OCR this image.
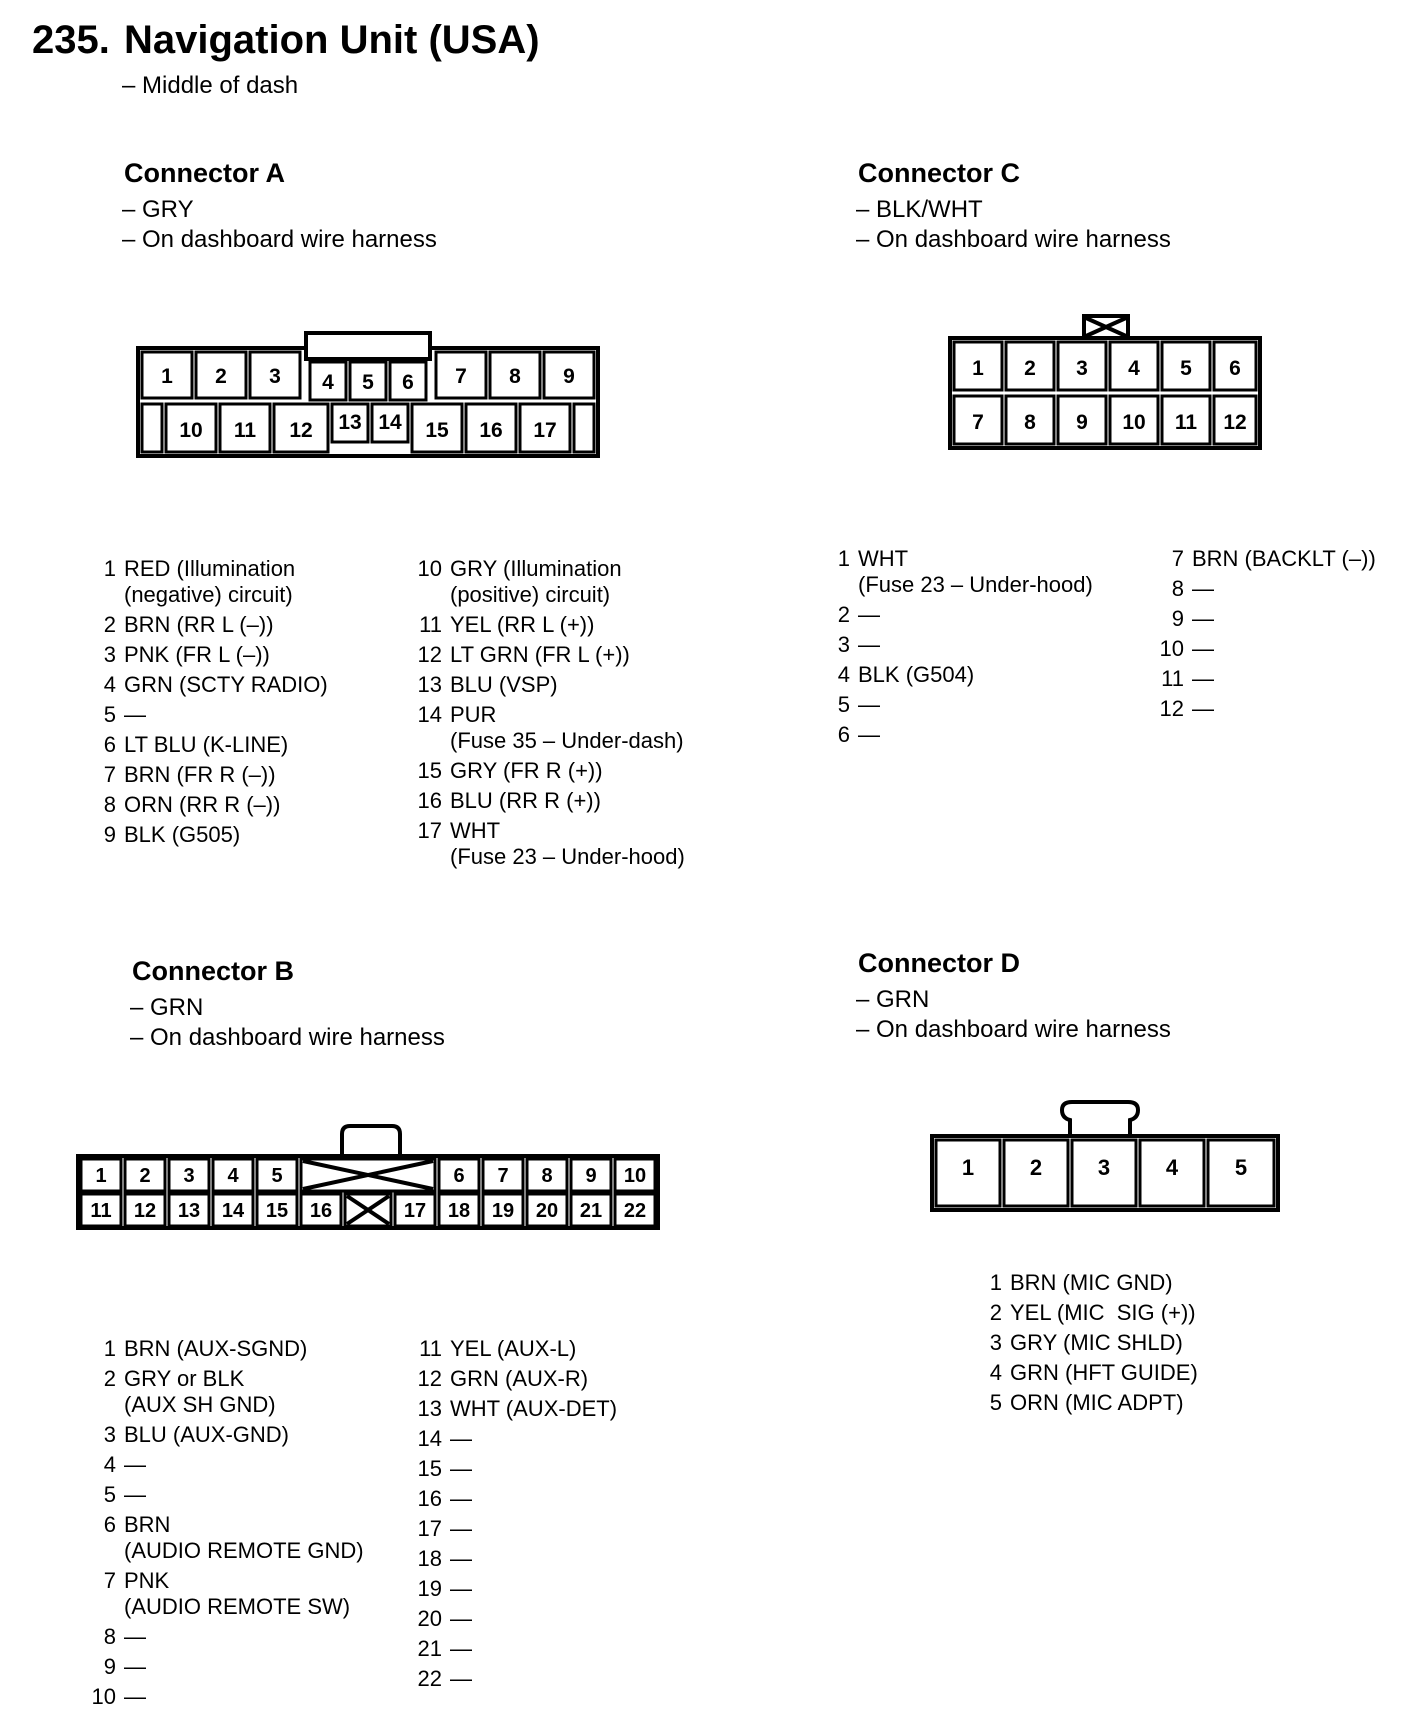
235. Navigation Unit (USA)
– Middle of dash
Connector A
– GRY
– On dashboard wire harness
Connector C
– BLK/WHT
– On dashboard wire harness
Connector B
– GRN
– On dashboard wire harness
Connector D
– GRN
– On dashboard wire harness
1 2 3	7 8 9
4 5 6
10 11 12 13 14 15 16 17
1 2 3 4 5 6
7 8 9 10 11 12
1 2 3 4 5	6 7 8 9 10
11 12 13 14 15 16	17 18 19 20 21 22
1	2	3	4	5
1 RED (Illumination
(negative) circuit)
2 BRN (RR L (–))
3 PNK (FR L (–))
4 GRN (SCTY RADIO)
5 —
6 LT BLU (K-LINE)
7 BRN (FR R (–))
8 ORN (RR R (–))
9 BLK (G505)
10 GRY (Illumination
(positive) circuit)
11 YEL (RR L (+))
12 LT GRN (FR L (+))
13 BLU (VSP)
14 PUR
(Fuse 35 – Under-dash)
15 GRY (FR R (+))
16 BLU (RR R (+))
17 WHT
(Fuse 23 – Under-hood)
1 WHT
(Fuse 23 – Under-hood)
2 —
3 —
4 BLK (G504)
5 —
6 —
7 BRN (BACKLT (–))
8 —
9 —
10 —
11 —
12 —
1 BRN (AUX-SGND)
2 GRY or BLK
(AUX SH GND)
3 BLU (AUX-GND)
4 —
5 —
6 BRN
(AUDIO REMOTE GND)
7 PNK
(AUDIO REMOTE SW)
8 —
9 —
10 —
11 YEL (AUX-L)
12 GRN (AUX-R)
13 WHT (AUX-DET)
14 —
15 —
16 —
17 —
18 —
19 —
20 —
21 —
22 —
1 BRN (MIC GND)
2 YEL (MIC  SIG (+))
3 GRY (MIC SHLD)
4 GRN (HFT GUIDE)
5 ORN (MIC ADPT)
